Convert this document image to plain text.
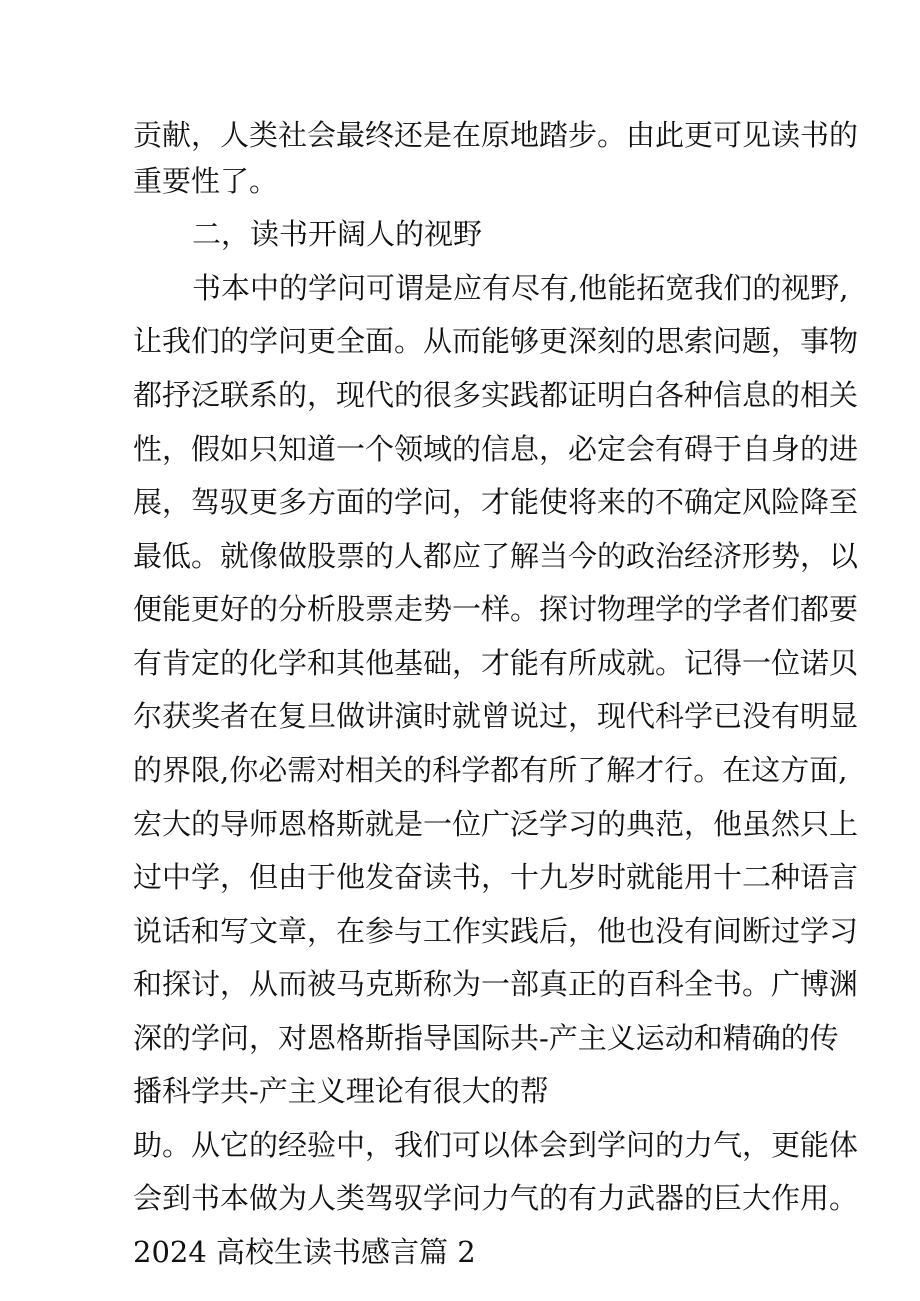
贡献，人类社会最终还是在原地踏步。由此更可见读书的
重要性了。
二，读书开阔人的视野
书本中的学问可谓是应有尽有,他能拓宽我们的视野,
让我们的学问更全面。从而能够更深刻的思索问题，事物
都抒泛联系的，现代的很多实践都证明白各种信息的相关
性，假如只知道一个领域的信息，必定会有碍于自身的进
展，驾驭更多方面的学问，才能使将来的不确定风险降至
最低。就像做股票的人都应了解当今的政治经济形势，以
便能更好的分析股票走势一样。探讨物理学的学者们都要
有肯定的化学和其他基础，才能有所成就。记得一位诺贝
尔获奖者在复旦做讲演时就曾说过，现代科学已没有明显
的界限,你必需对相关的科学都有所了解才行。在这方面,
宏大的导师恩格斯就是一位广泛学习的典范，他虽然只上
过中学，但由于他发奋读书，十九岁时就能用十二种语言
说话和写文章，在参与工作实践后，他也没有间断过学习
和探讨，从而被马克斯称为一部真正的百科全书。广博渊
深的学问，对恩格斯指导国际共-产主义运动和精确的传
播科学共-产主义理论有很大的帮
助。从它的经验中，我们可以体会到学问的力气，更能体
会到书本做为人类驾驭学问力气的有力武器的巨大作用。
2024 高校生读书感言篇 2
